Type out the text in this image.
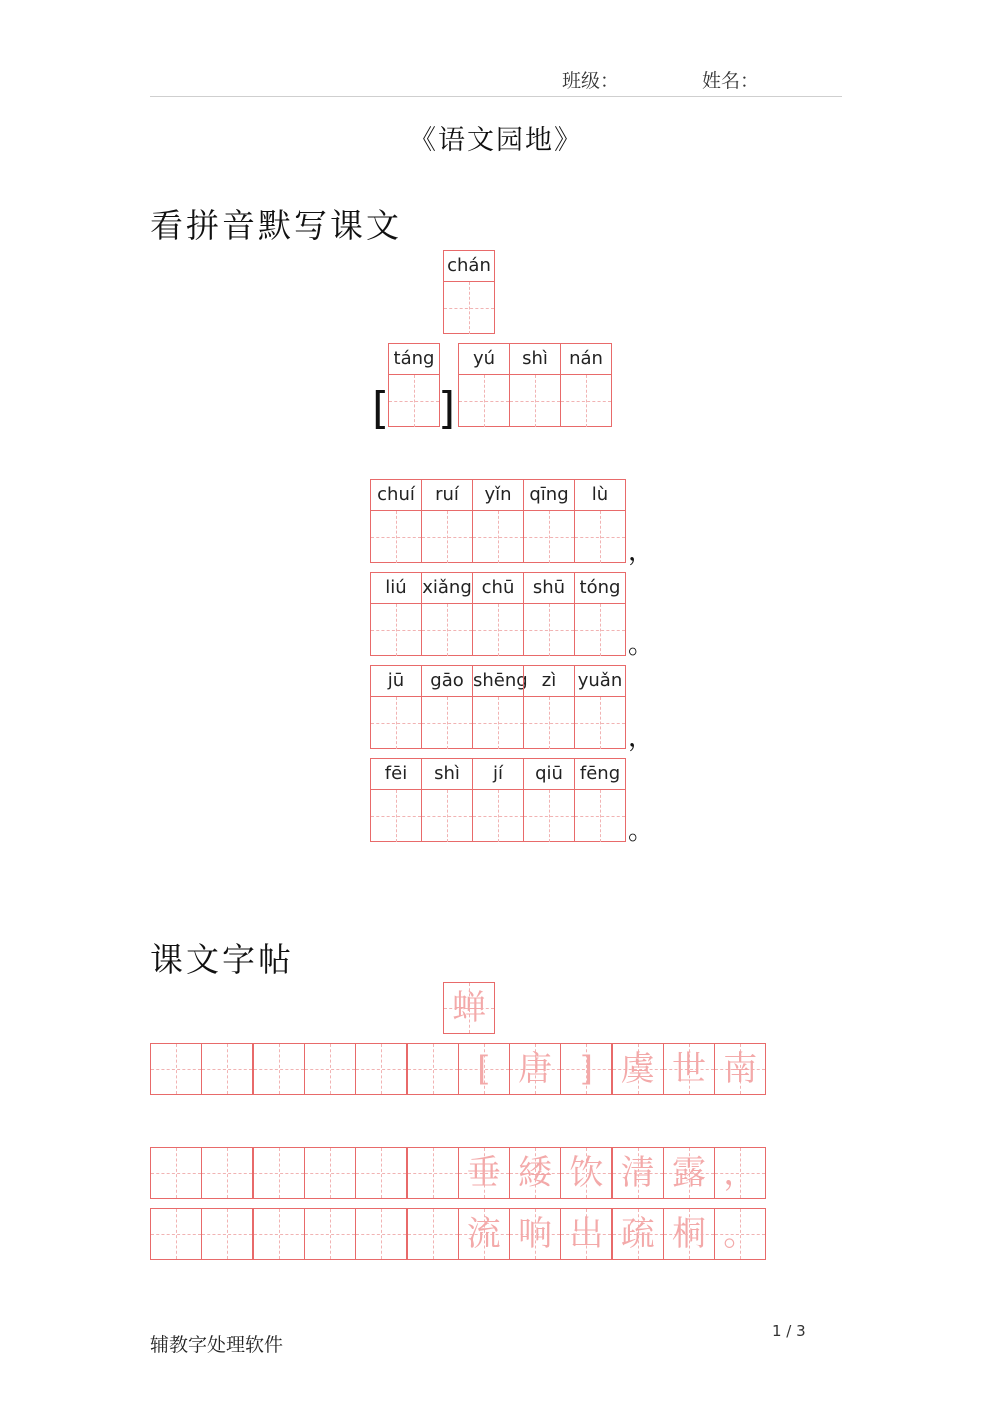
班级：	姓名：
《语文园地》
看拼音默写课文
chán
táng
[ ]
yú	shì	nán
chuí	ruí	yǐn qīng	lù
，
liú xiǎng chū	shū tóng
。
jū	gāo shēng zì	yuǎn
，
fēi	shì	jí	qiū fēng
。
课文字帖
蝉
[ 唐 ] 虞 世 南
垂 緌 饮 清 露 ，
流 响 出 疏 桐 。
辅教字处理软件
1 / 3
